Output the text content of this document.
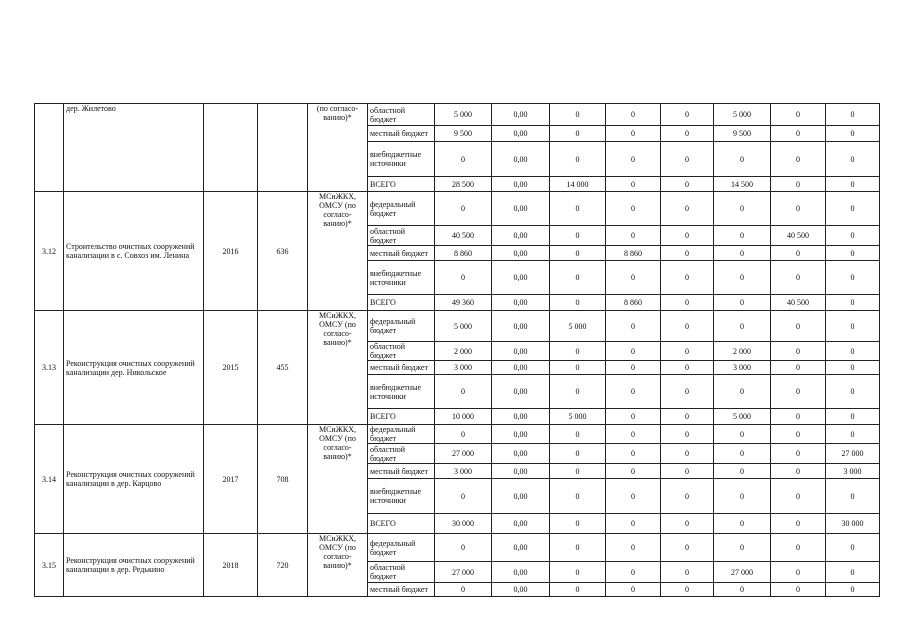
	дер. Жилетово			(по согласо-ванию)*	областной бюджет	5 000	0,00	0	0	0	5 000	0	0
					местный бюджет	9 500	0,00	0	0	0	9 500	0	0
					внебюджетные источники	0	0,00	0	0	0	0	0	0
					ВСЕГО	28 500	0,00	14 000	0	0	14 500	0	0
3.12	Строительство очистных сооружений канализации в с. Совхоз им. Ленина	2016	636	МСиЖКХ, ОМСУ (по согласо-ванию)*	федеральный бюджет	0	0,00	0	0	0	0	0	0
					областной бюджет	40 500	0,00	0	0	0	0	40 500	0
					местный бюджет	8 860	0,00	0	8 860	0	0	0	0
					внебюджетные источники	0	0,00	0	0	0	0	0	0
					ВСЕГО	49 360	0,00	0	8 860	0	0	40 500	0
3.13	Реконструкция очистных сооружений канализации дер. Никольское	2015	455	МСиЖКХ, ОМСУ (по согласо-ванию)*	федеральный бюджет	5 000	0,00	5 000	0	0	0	0	0
					областной бюджет	2 000	0,00	0	0	0	2 000	0	0
					местный бюджет	3 000	0,00	0	0	0	3 000	0	0
					внебюджетные источники	0	0,00	0	0	0	0	0	0
					ВСЕГО	10 000	0,00	5 000	0	0	5 000	0	0
3.14	Реконструкция очистных сооружений канализации в дер. Карцово	2017	708	МСиЖКХ, ОМСУ (по согласо-ванию)*	федеральный бюджет	0	0,00	0	0	0	0	0	0
					областной бюджет	27 000	0,00	0	0	0	0	0	27 000
					местный бюджет	3 000	0,00	0	0	0	0	0	3 000
					внебюджетные источники	0	0,00	0	0	0	0	0	0
					ВСЕГО	30 000	0,00	0	0	0	0	0	30 000
3.15	Реконструкция очистных сооружений канализации в дер. Редькино	2018	720	МСиЖКХ, ОМСУ (по согласо-ванию)*	федеральный бюджет	0	0,00	0	0	0	0	0	0
					областной бюджет	27 000	0,00	0	0	0	27 000	0	0
					местный бюджет	0	0,00	0	0	0	0	0	0
